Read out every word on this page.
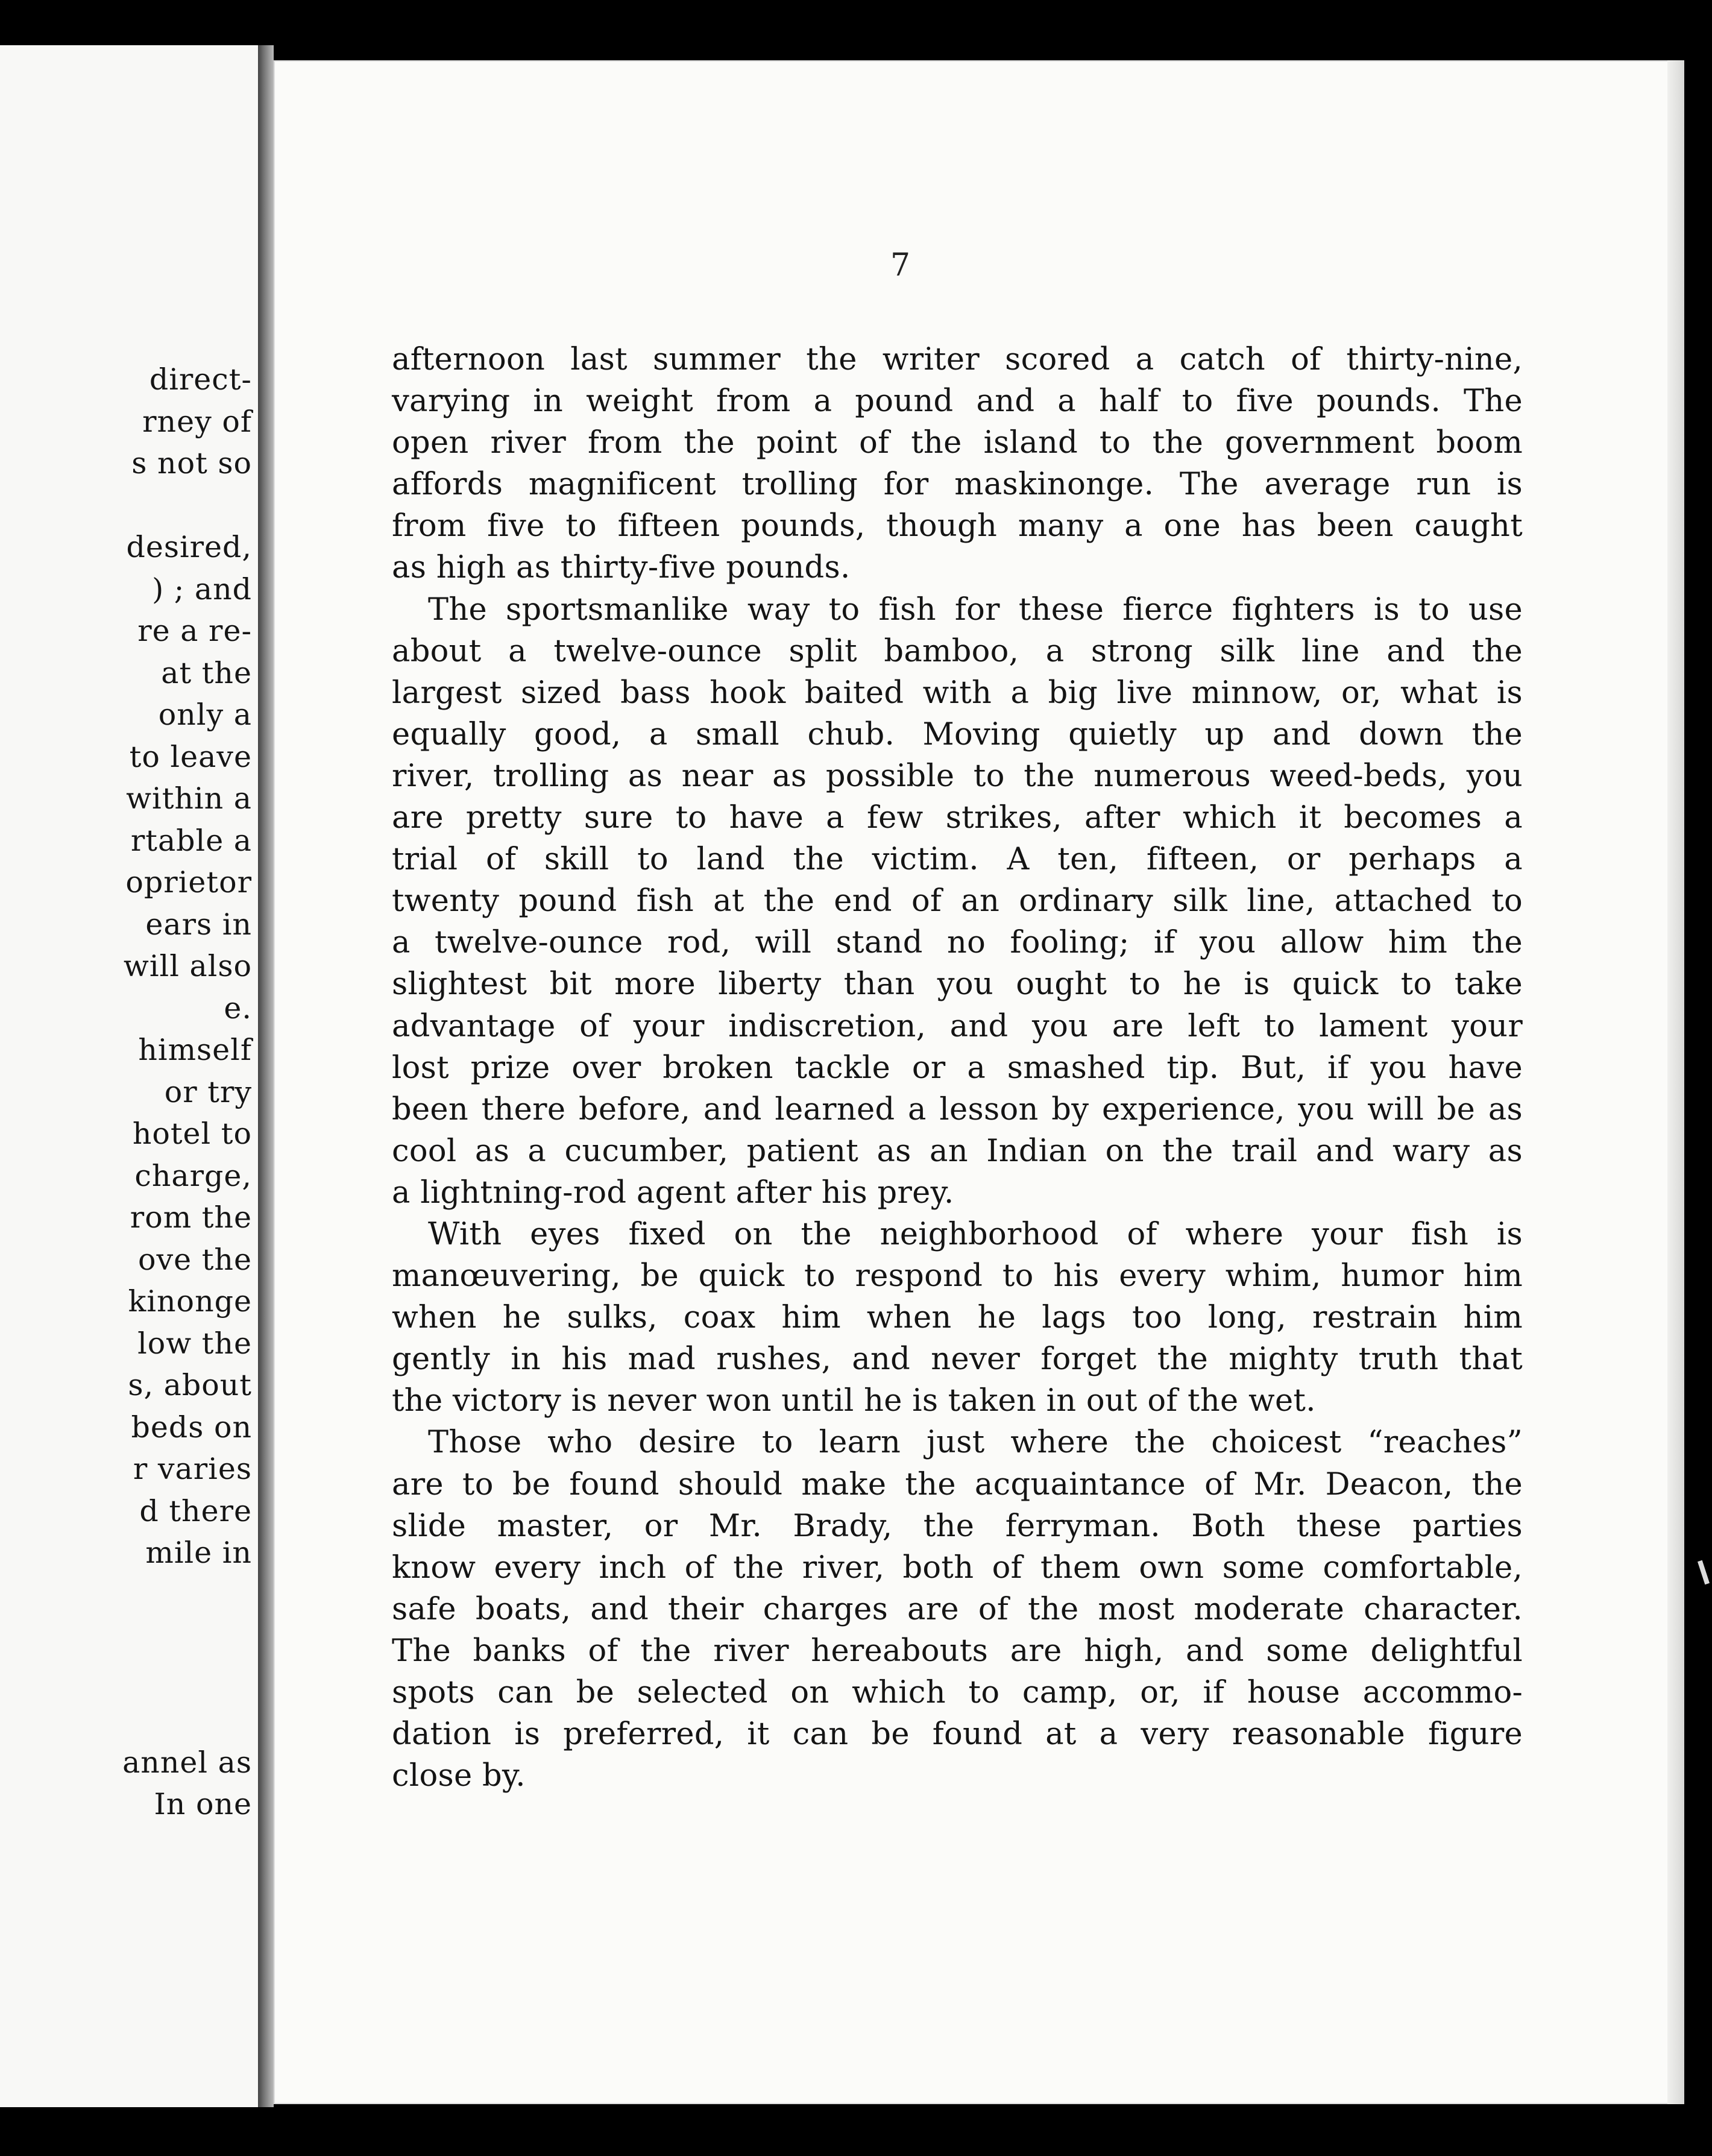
direct-
rney of
s not so
desired,
) ; and
re a re-
at the
only a
to leave
within a
rtable a
oprietor
ears in
will also
e.
himself
or try
hotel to
charge,
rom the
ove the
kinonge
low the
s, about
beds on
r varies
d there
mile in
annel as
In one
7
afternoon last summer the writer scored a catch of thirty-nine,
varying in weight from a pound and a half to five pounds. The
open river from the point of the island to the government boom
affords magnificent trolling for maskinonge. The average run is
from five to fifteen pounds, though many a one has been caught
as high as thirty-five pounds.
The sportsmanlike way to fish for these fierce fighters is to use
about a twelve-ounce split bamboo, a strong silk line and the
largest sized bass hook baited with a big live minnow, or, what is
equally good, a small chub. Moving quietly up and down the
river, trolling as near as possible to the numerous weed-beds, you
are pretty sure to have a few strikes, after which it becomes a
trial of skill to land the victim. A ten, fifteen, or perhaps a
twenty pound fish at the end of an ordinary silk line, attached to
a twelve-ounce rod, will stand no fooling; if you allow him the
slightest bit more liberty than you ought to he is quick to take
advantage of your indiscretion, and you are left to lament your
lost prize over broken tackle or a smashed tip. But, if you have
been there before, and learned a lesson by experience, you will be as
cool as a cucumber, patient as an Indian on the trail and wary as
a lightning-rod agent after his prey.
With eyes fixed on the neighborhood of where your fish is
manœuvering, be quick to respond to his every whim, humor him
when he sulks, coax him when he lags too long, restrain him
gently in his mad rushes, and never forget the mighty truth that
the victory is never won until he is taken in out of the wet.
Those who desire to learn just where the choicest “reaches”
are to be found should make the acquaintance of Mr. Deacon, the
slide master, or Mr. Brady, the ferryman. Both these parties
know every inch of the river, both of them own some comfortable,
safe boats, and their charges are of the most moderate character.
The banks of the river hereabouts are high, and some delightful
spots can be selected on which to camp, or, if house accommo-
dation is preferred, it can be found at a very reasonable figure
close by.
